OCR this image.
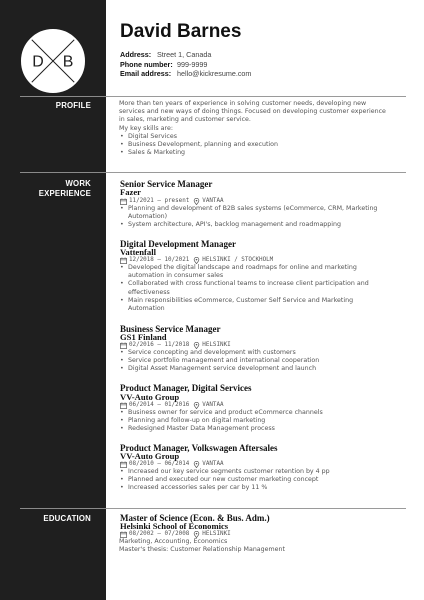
D B
David Barnes
Address: Street 1, Canada
Phone number: 999-9999
Email address: hello@kickresume.com
PROFILE	More than ten years of experience in solving customer needs, developing new
services and new ways of doing things. Focused on developing customer experience
in sales, marketing and customer service.
My key skills are:
• Digital Services
• Business Development, planning and execution
• Sales & Marketing
WORK
EXPERIENCE
Senior Service Manager
Fazer
11/2021 – present VANTAA
• Planning and development of B2B sales systems (eCommerce, CRM, Marketing
Automation)
• System architecture, API's, backlog management and roadmapping
Digital Development Manager
Vattenfall
12/2018 – 10/2021 HELSINKI / STOCKHOLM
• Developed the digital landscape and roadmaps for online and marketing
automation in consumer sales
• Collaborated with cross functional teams to increase client participation and
effectiveness
• Main responsibilities eCommerce, Customer Self Service and Marketing
Automation
Business Service Manager
GS1 Finland
02/2016 – 11/2018 HELSINKI
• Service concepting and development with customers
• Service portfolio management and international cooperation
• Digital Asset Management service development and launch
Product Manager, Digital Services
VV-Auto Group
06/2014 – 01/2016 VANTAA
• Business owner for service and product eCommerce channels
• Planning and follow-up on digital marketing
• Redesigned Master Data Management process
Product Manager, Volkswagen Aftersales
VV-Auto Group
08/2010 – 06/2014 VANTAA
• Increased our key service segments customer retention by 4 pp
• Planned and executed our new customer marketing concept
• Increased accessories sales per car by 11 %
EDUCATION	Master of Science (Econ. & Bus. Adm.)
Helsinki School of Economics
08/2002 – 07/2008 HELSINKI
Marketing, Accounting, Economics
Master's thesis: Customer Relationship Management
